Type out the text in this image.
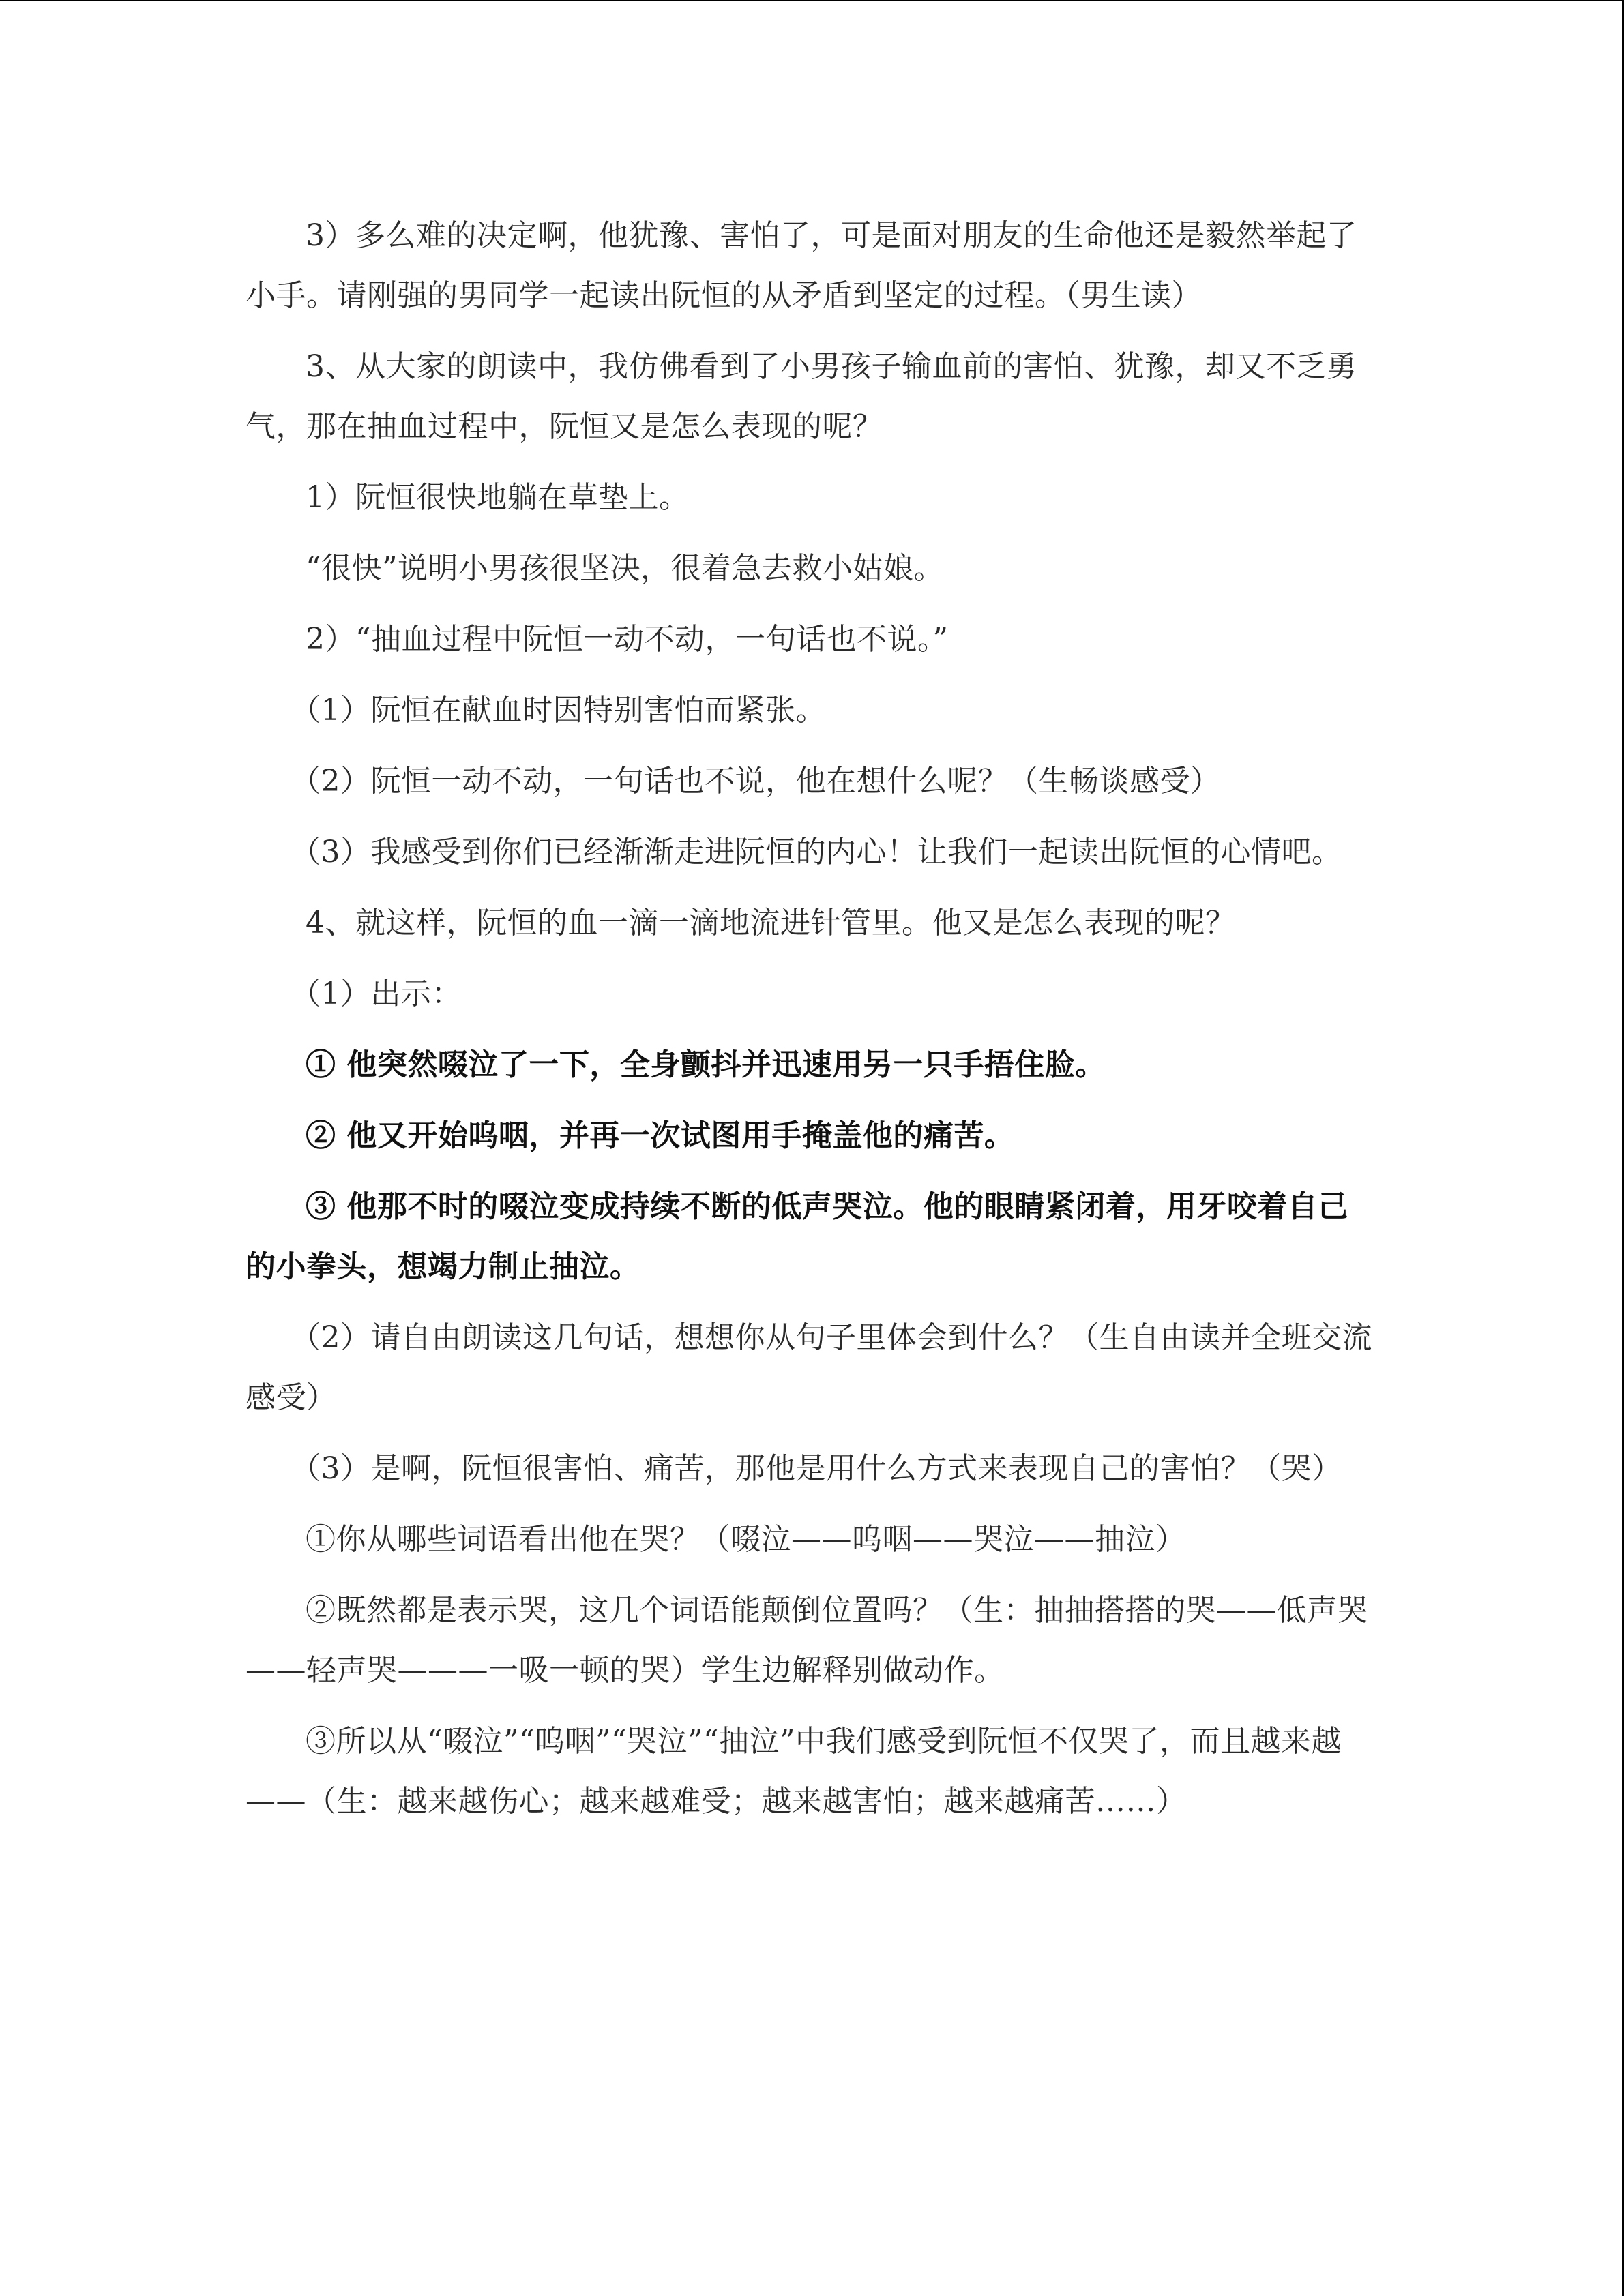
3）多么难的决定啊，他犹豫、害怕了，可是面对朋友的生命他还是毅然举起了小手。请刚强的男同学一起读出阮恒的从矛盾到坚定的过程。（男生读）

3、从大家的朗读中，我仿佛看到了小男孩子输血前的害怕、犹豫，却又不乏勇气，那在抽血过程中，阮恒又是怎么表现的呢？

1）阮恒很快地躺在草垫上。

“很快”说明小男孩很坚决，很着急去救小姑娘。

2）“抽血过程中阮恒一动不动，一句话也不说。”

（1）阮恒在献血时因特别害怕而紧张。

（2）阮恒一动不动，一句话也不说，他在想什么呢？（生畅谈感受）

（3）我感受到你们已经渐渐走进阮恒的内心！让我们一起读出阮恒的心情吧。

4、就这样，阮恒的血一滴一滴地流进针管里。他又是怎么表现的呢？

（1）出示：

① 他突然啜泣了一下，全身颤抖并迅速用另一只手捂住脸。

② 他又开始呜咽，并再一次试图用手掩盖他的痛苦。

③ 他那不时的啜泣变成持续不断的低声哭泣。他的眼睛紧闭着，用牙咬着自己的小拳头，想竭力制止抽泣。

（2）请自由朗读这几句话，想想你从句子里体会到什么？（生自由读并全班交流感受）

（3）是啊，阮恒很害怕、痛苦，那他是用什么方式来表现自己的害怕？（哭）

①你从哪些词语看出他在哭？（啜泣——呜咽——哭泣——抽泣）

②既然都是表示哭，这几个词语能颠倒位置吗？（生：抽抽搭搭的哭——低声哭——轻声哭———一吸一顿的哭）学生边解释别做动作。

③所以从“啜泣”“呜咽”“哭泣”“抽泣”中我们感受到阮恒不仅哭了，而且越来越——（生：越来越伤心；越来越难受；越来越害怕；越来越痛苦……）
